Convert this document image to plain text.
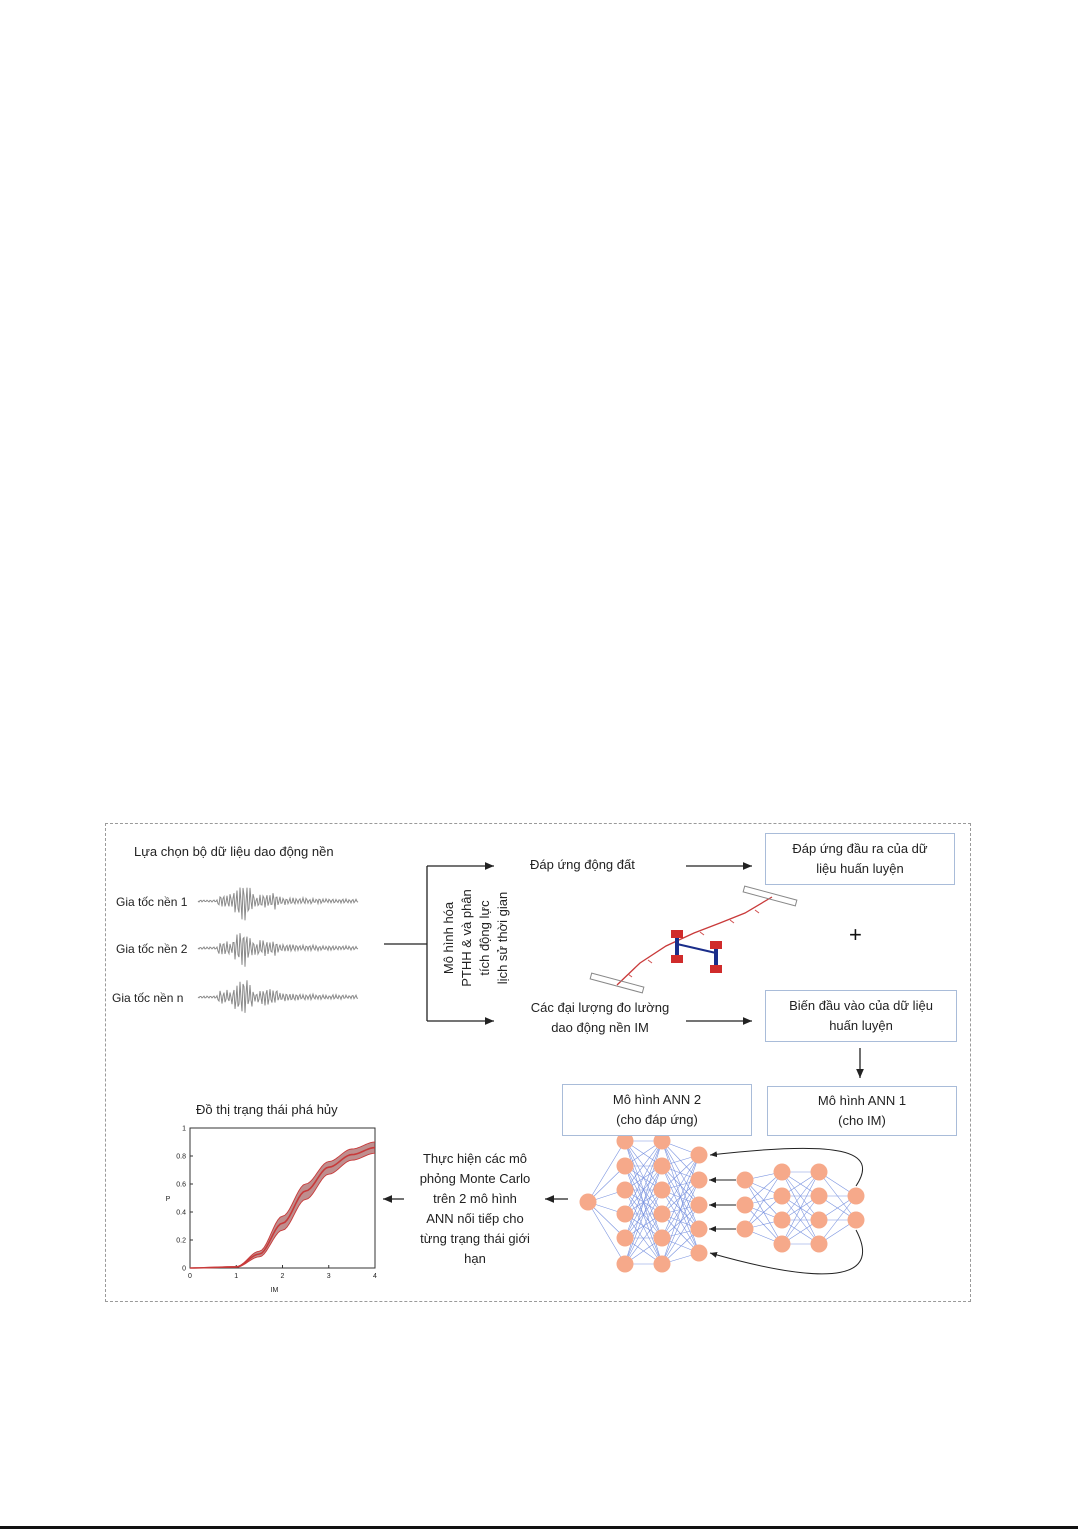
Lựa chọn bộ dữ liệu dao động nền
Gia tốc nền 1
Gia tốc nền 2
Gia tốc nền n
0	1	2	3	4
0
0.2
0.4
0.6
0.8
1
IM
P
Mô hình hóa PTHH & và phân tích động lực lịch sử thời gian
Đáp ứng động đất
Các đại lượng đo lường
dao động nền IM
Đáp ứng đầu ra của dữ
liệu huấn luyện
Biến đầu vào của dữ liệu
huấn luyện
+
Mô hình ANN 1
(cho IM)
Mô hình ANN 2
(cho đáp ứng)
Thực hiện các mô
phỏng Monte Carlo
trên 2 mô hình
ANN nối tiếp cho
từng trạng thái giới
hạn
Đồ thị trạng thái phá hủy
